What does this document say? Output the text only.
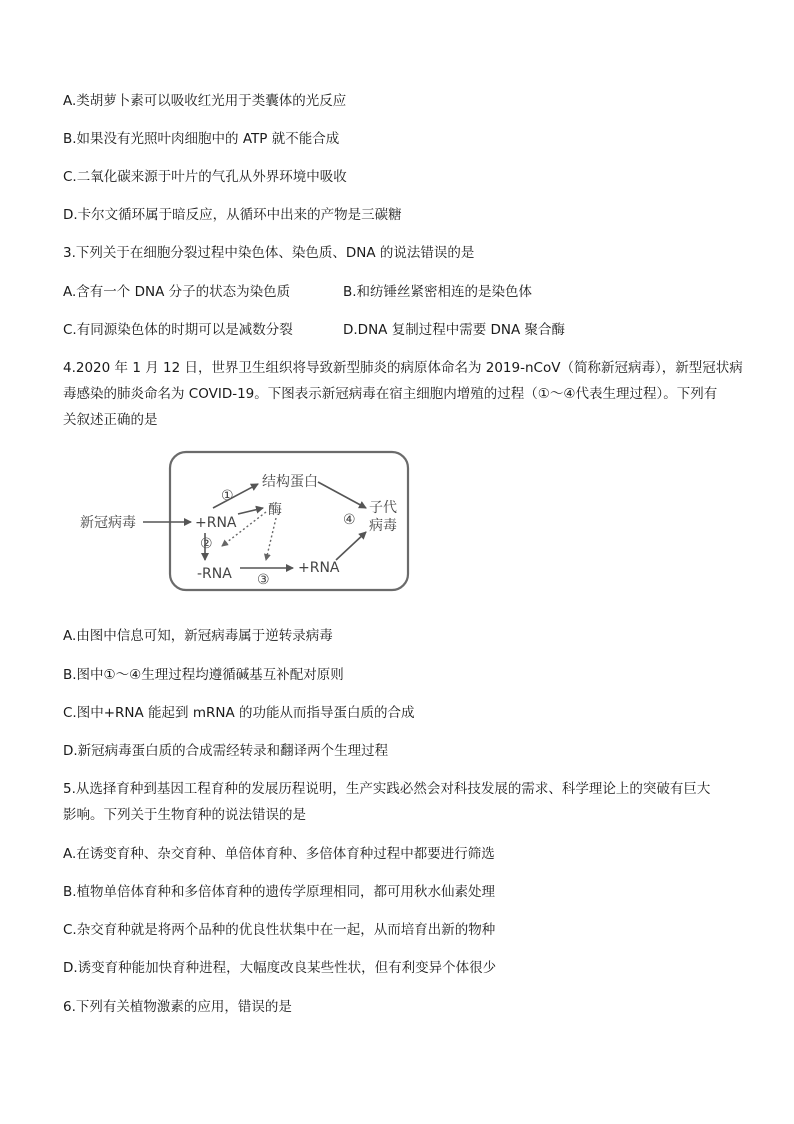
A.类胡萝卜素可以吸收红光用于类囊体的光反应
B.如果没有光照叶肉细胞中的 ATP 就不能合成
C.二氧化碳来源于叶片的气孔从外界环境中吸收
D.卡尔文循环属于暗反应，从循环中出来的产物是三碳糖
3.下列关于在细胞分裂过程中染色体、染色质、DNA 的说法错误的是
A.含有一个 DNA 分子的状态为染色质	B.和纺锤丝紧密相连的是染色体
C.有同源染色体的时期可以是减数分裂	D.DNA 复制过程中需要 DNA 聚合酶
4.2020 年 1 月 12 日，世界卫生组织将导致新型肺炎的病原体命名为 2019-nCoV（简称新冠病毒），新型冠状病
毒感染的肺炎命名为 COVID-19。下图表示新冠病毒在宿主细胞内增殖的过程（①～④代表生理过程）。下列有
关叙述正确的是
新冠病毒	+RNA
-RNA	+RNA
结构蛋白
酶	子代
病毒
①
②
③
④
A.由图中信息可知，新冠病毒属于逆转录病毒
B.图中①～④生理过程均遵循碱基互补配对原则
C.图中+RNA 能起到 mRNA 的功能从而指导蛋白质的合成
D.新冠病毒蛋白质的合成需经转录和翻译两个生理过程
5.从选择育种到基因工程育种的发展历程说明，生产实践必然会对科技发展的需求、科学理论上的突破有巨大
影响。下列关于生物育种的说法错误的是
A.在诱变育种、杂交育种、单倍体育种、多倍体育种过程中都要进行筛选
B.植物单倍体育种和多倍体育种的遗传学原理相同，都可用秋水仙素处理
C.杂交育种就是将两个品种的优良性状集中在一起，从而培育出新的物种
D.诱变育种能加快育种进程，大幅度改良某些性状，但有利变异个体很少
6.下列有关植物激素的应用，错误的是
